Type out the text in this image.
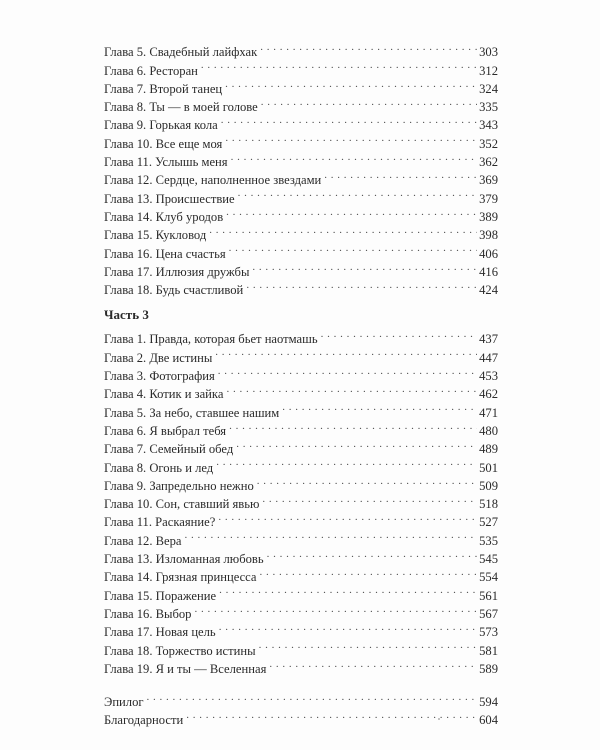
Глава 5. Свадебный лайфхак . . .	303
Глава 6. Ресторан . . .	312
Глава 7. Второй танец . . .	324
Глава 8. Ты — в моей голове . . .	335
Глава 9. Горькая кола . . .	343
Глава 10. Все еще моя . . .	352
Глава 11. Услышь меня . . .	362
Глава 12. Сердце, наполненное звездами . . .	369
Глава 13. Происшествие . . .	379
Глава 14. Клуб уродов . . .	389
Глава 15. Кукловод . . .	398
Глава 16. Цена счастья . . .	406
Глава 17. Иллюзия дружбы . . .	416
Глава 18. Будь счастливой . . .	424
Часть 3
Глава 1. Правда, которая бьет наотмашь . . .	437
Глава 2. Две истины . . .	447
Глава 3. Фотография . . .	453
Глава 4. Котик и зайка . . .	462
Глава 5. За небо, ставшее нашим . . .	471
Глава 6. Я выбрал тебя . . .	480
Глава 7. Семейный обед . . .	489
Глава 8. Огонь и лед . . .	501
Глава 9. Запредельно нежно . . .	509
Глава 10. Сон, ставший явью . . .	518
Глава 11. Раскаяние? . . .	527
Глава 12. Вера . . .	535
Глава 13. Изломанная любовь . . .	545
Глава 14. Грязная принцесса . . .	554
Глава 15. Поражение . . .	561
Глава 16. Выбор . . .	567
Глава 17. Новая цель . . .	573
Глава 18. Торжество истины . . .	581
Глава 19. Я и ты — Вселенная . . .	589
Эпилог . . .	594
Благодарности . . .	604
